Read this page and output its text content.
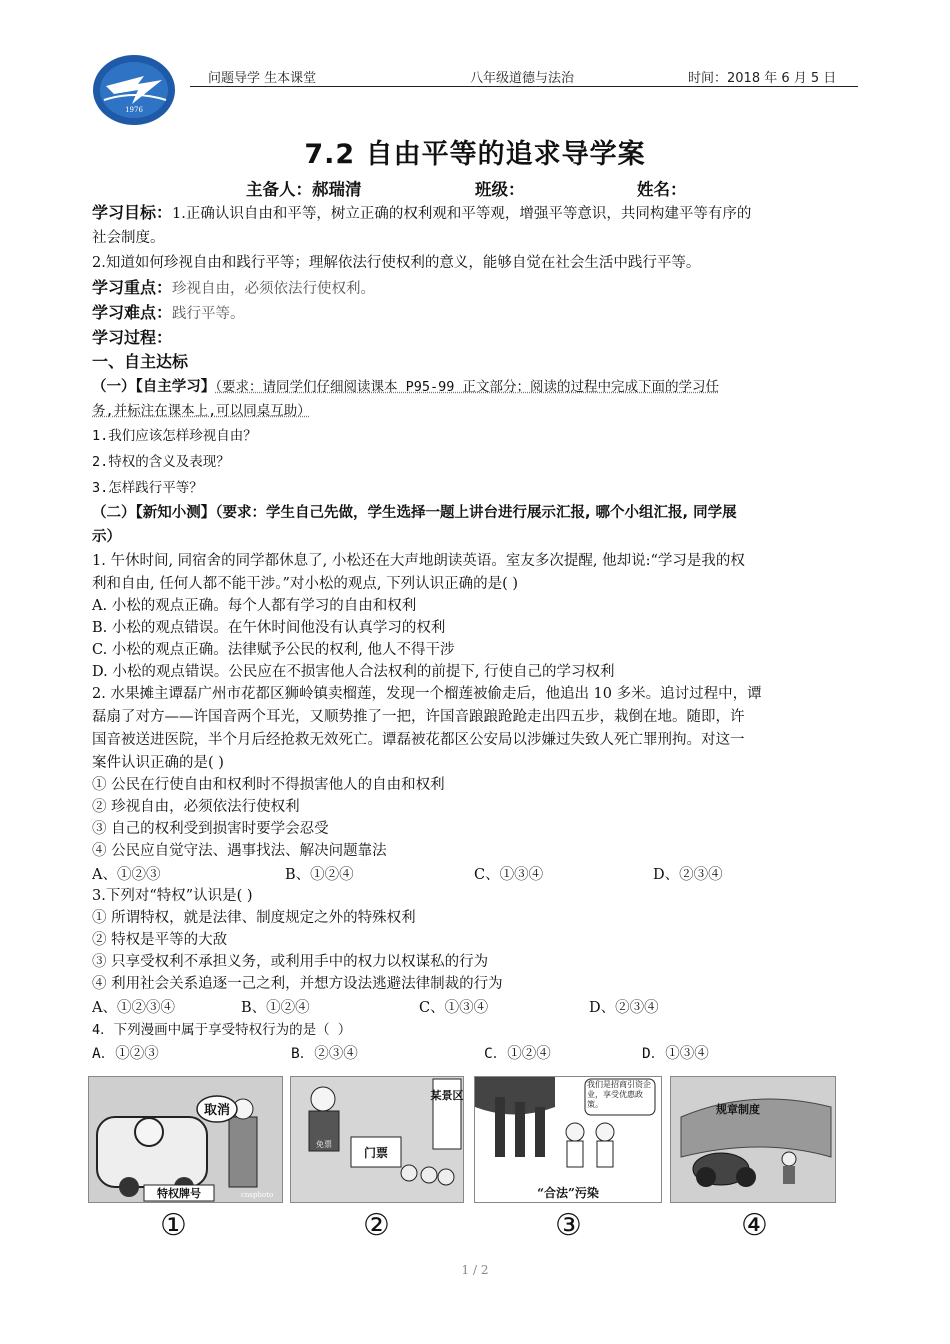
1976
问题导学 生本课堂	八年级道德与法治	时间：2018 年 6 月 5 日
7.2 自由平等的追求导学案
主备人：郝瑞清	班级：	姓名：
学习目标：1.正确认识自由和平等，树立正确的权利观和平等观，增强平等意识，共同构建平等有序的
社会制度。
2.知道如何珍视自由和践行平等；理解依法行使权利的意义，能够自觉在社会生活中践行平等。
学习重点：珍视自由，必须依法行使权利。
学习难点：践行平等。
学习过程：
一、自主达标
（一）【自主学习】（要求：请同学们仔细阅读课本 P95-99 正文部分；阅读的过程中完成下面的学习任
务,并标注在课本上,可以同桌互助）
1.我们应该怎样珍视自由？
2.特权的含义及表现？
3.怎样践行平等？
（二）【新知小测】（要求：学生自己先做，学生选择一题上讲台进行展示汇报, 哪个小组汇报, 同学展
示）
1. 午休时间, 同宿舍的同学都休息了, 小松还在大声地朗读英语。室友多次提醒, 他却说:“学习是我的权
利和自由, 任何人都不能干涉。”对小松的观点, 下列认识正确的是( )
A. 小松的观点正确。每个人都有学习的自由和权利
B. 小松的观点错误。在午休时间他没有认真学习的权利
C. 小松的观点正确。法律赋予公民的权利, 他人不得干涉
D. 小松的观点错误。公民应在不损害他人合法权利的前提下, 行使自己的学习权利
2. 水果摊主谭磊广州市花都区狮岭镇卖榴莲，发现一个榴莲被偷走后，他追出 10 多米。追讨过程中，谭
磊扇了对方——许国音两个耳光，又顺势推了一把，许国音踉踉跄跄走出四五步，栽倒在地。随即，许
国音被送进医院，半个月后经抢救无效死亡。谭磊被花都区公安局以涉嫌过失致人死亡罪刑拘。对这一
案件认识正确的是( )
① 公民在行使自由和权利时不得损害他人的自由和权利
② 珍视自由，必须依法行使权利
③ 自己的权利受到损害时要学会忍受
④ 公民应自觉守法、遇事找法、解决问题靠法
A、①②③	B、①②④	C、①③④	D、②③④
3.下列对“特权”认识是( )
① 所谓特权，就是法律、制度规定之外的特殊权利
② 特权是平等的大敌
③ 只享受权利不承担义务，或利用手中的权力以权谋私的行为
④ 利用社会关系追逐一己之利，并想方设法逃避法律制裁的行为
A、①②③④	B、①②④	C、①③④	D、②③④
4．下列漫画中属于享受特权行为的是（ ）
A．①②③	B．②③④	C．①②④	D．①③④
取消
特权牌号	cnsphoto
某景区
门票
免票
我们是招商引资企业，享受优惠政策。
“合法”污染
规章制度
①	②	③	④
1 / 2
